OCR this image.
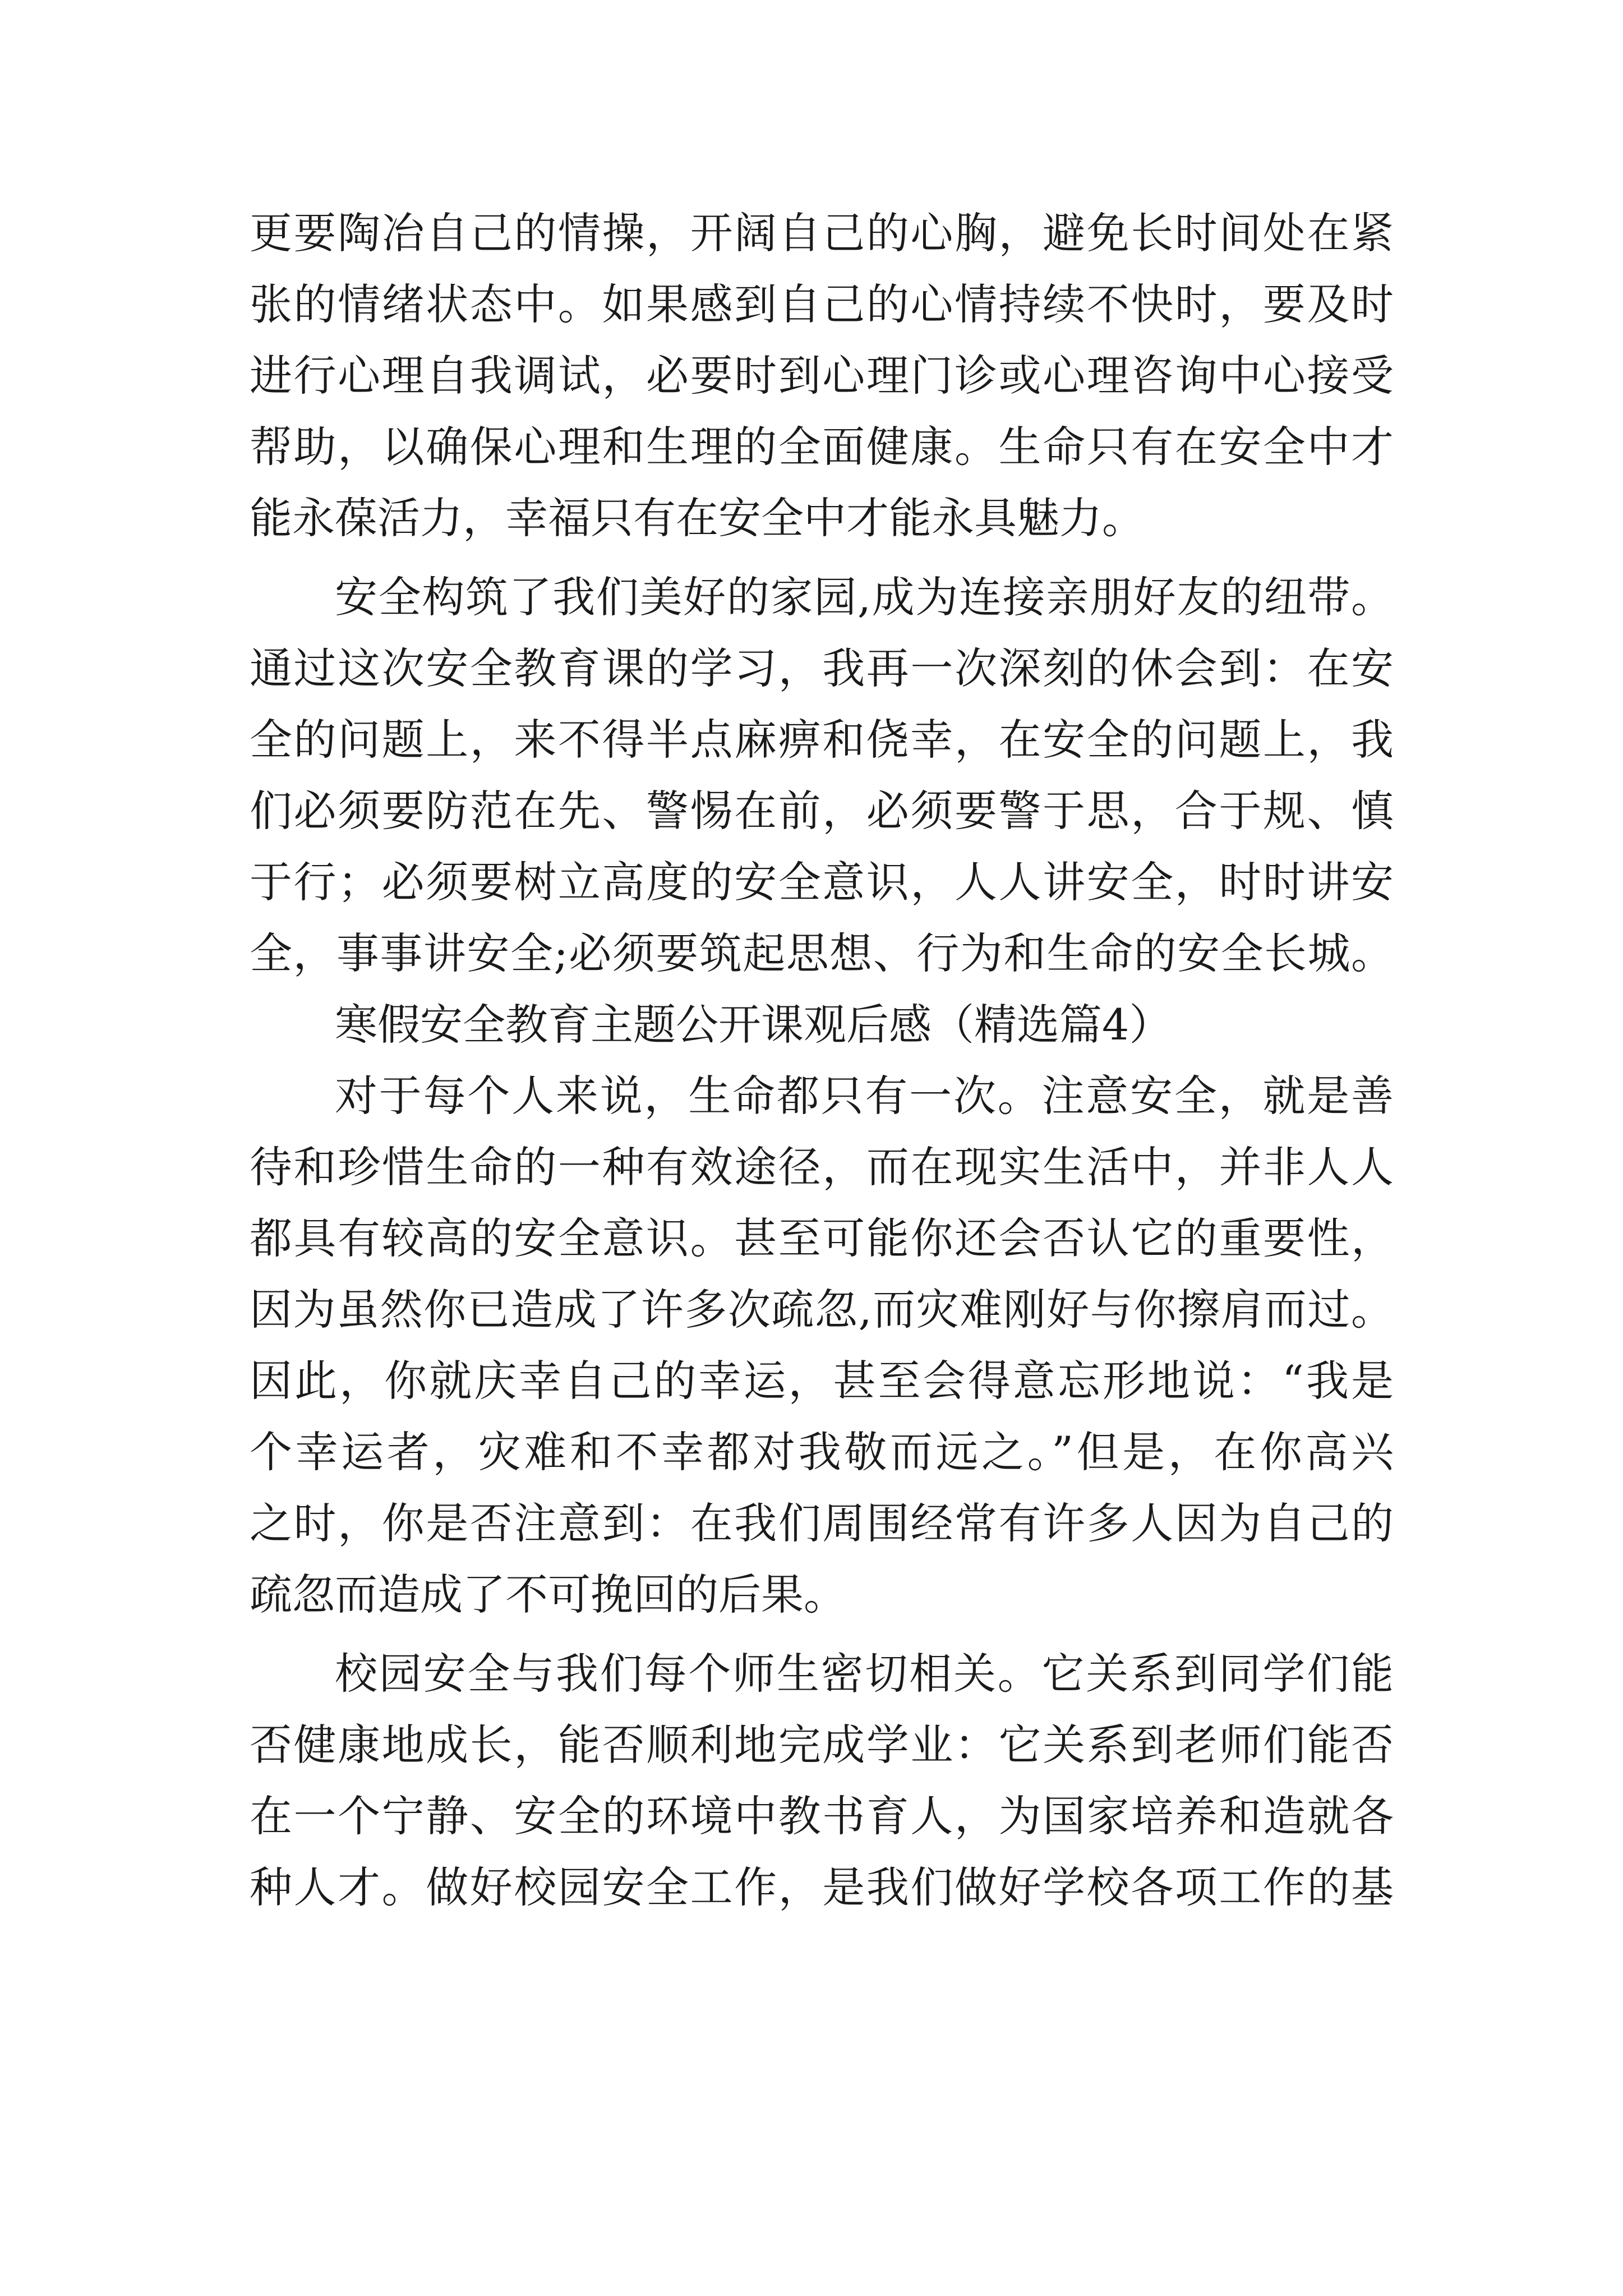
更要陶冶自己的情操，开阔自己的心胸，避免长时间处在紧
张的情绪状态中。如果感到自己的心情持续不快时，要及时
进行心理自我调试，必要时到心理门诊或心理咨询中心接受
帮助，以确保心理和生理的全面健康。生命只有在安全中才
能永葆活力，幸福只有在安全中才能永具魅力。
安全构筑了我们美好的家园,成为连接亲朋好友的纽带。
通过这次安全教育课的学习，我再一次深刻的休会到：在安
全的问题上，来不得半点麻痹和侥幸，在安全的问题上，我
们必须要防范在先、警惕在前，必须要警于思，合于规、慎
于行；必须要树立高度的安全意识，人人讲安全，时时讲安
全，事事讲安全;必须要筑起思想、行为和生命的安全长城。
寒假安全教育主题公开课观后感（精选篇4）
对于每个人来说，生命都只有一次。注意安全，就是善
待和珍惜生命的一种有效途径，而在现实生活中，并非人人
都具有较高的安全意识。甚至可能你还会否认它的重要性，
因为虽然你已造成了许多次疏忽,而灾难刚好与你擦肩而过。
因此，你就庆幸自己的幸运，甚至会得意忘形地说：“我是
个幸运者，灾难和不幸都对我敬而远之。”但是，在你高兴
之时，你是否注意到：在我们周围经常有许多人因为自己的
疏忽而造成了不可挽回的后果。
校园安全与我们每个师生密切相关。它关系到同学们能
否健康地成长，能否顺利地完成学业：它关系到老师们能否
在一个宁静、安全的环境中教书育人，为国家培养和造就各
种人才。做好校园安全工作，是我们做好学校各项工作的基
